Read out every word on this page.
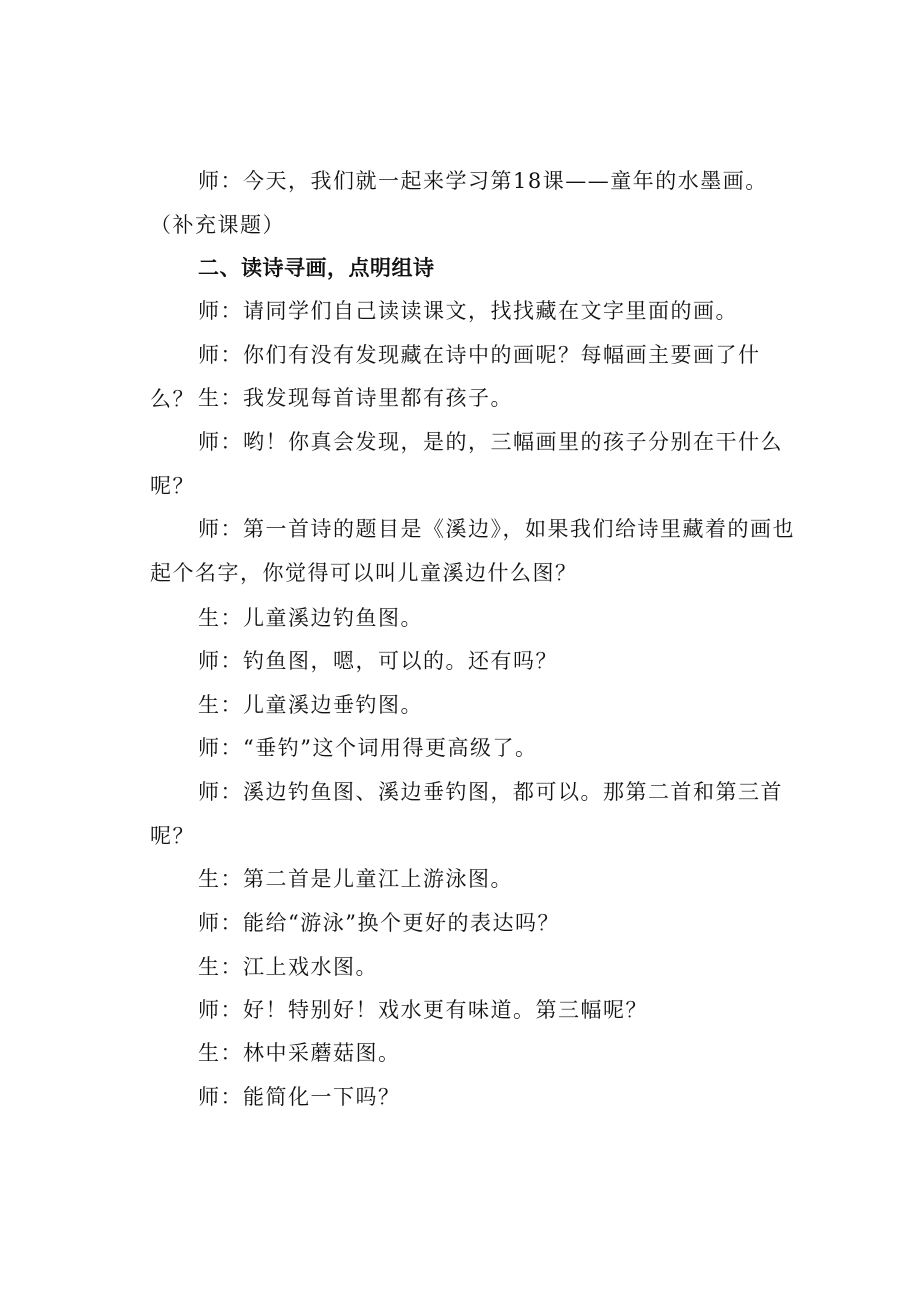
师：今天，我们就一起来学习第18课——童年的水墨画。（补充课题）

二、读诗寻画，点明组诗

师：请同学们自己读读课文，找找藏在文字里面的画。

师：你们有没有发现藏在诗中的画呢？每幅画主要画了什么？ 生：我发现每首诗里都有孩子。

师：哟！你真会发现，是的，三幅画里的孩子分别在干什么呢？

师：第一首诗的题目是《溪边》，如果我们给诗里藏着的画也起个名字，你觉得可以叫儿童溪边什么图？

生：儿童溪边钓鱼图。

师：钓鱼图，嗯，可以的。还有吗？

生：儿童溪边垂钓图。

师：“垂钓”这个词用得更高级了。

师：溪边钓鱼图、溪边垂钓图，都可以。那第二首和第三首呢？

生：第二首是儿童江上游泳图。

师：能给“游泳”换个更好的表达吗？

生：江上戏水图。

师：好！特别好！戏水更有味道。第三幅呢？

生：林中采蘑菇图。

师：能简化一下吗？
